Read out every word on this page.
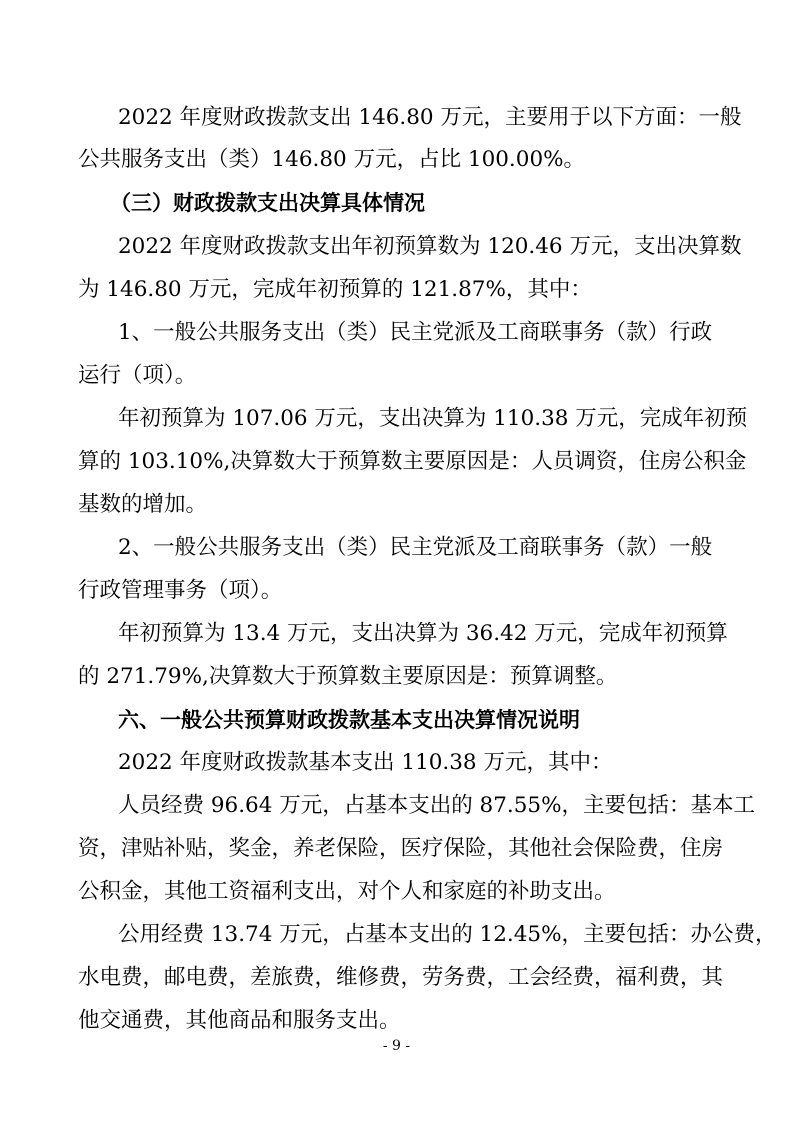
2022 年度财政拨款支出 146.80 万元，主要用于以下方面：一般
公共服务支出（类）146.80 万元，占比 100.00%。
（三）财政拨款支出决算具体情况
2022 年度财政拨款支出年初预算数为 120.46 万元，支出决算数
为 146.80 万元，完成年初预算的 121.87%，其中：
1、一般公共服务支出（类）民主党派及工商联事务（款）行政
运行（项）。
年初预算为 107.06 万元，支出决算为 110.38 万元，完成年初预
算的 103.10%,决算数大于预算数主要原因是：人员调资，住房公积金
基数的增加。
2、一般公共服务支出（类）民主党派及工商联事务（款）一般
行政管理事务（项）。
年初预算为 13.4 万元，支出决算为 36.42 万元，完成年初预算
的 271.79%,决算数大于预算数主要原因是：预算调整。
六、一般公共预算财政拨款基本支出决算情况说明
2022 年度财政拨款基本支出 110.38 万元，其中：
人员经费 96.64 万元，占基本支出的 87.55%，主要包括：基本工
资，津贴补贴，奖金，养老保险，医疗保险，其他社会保险费，住房
公积金，其他工资福利支出，对个人和家庭的补助支出。
公用经费 13.74 万元，占基本支出的 12.45%，主要包括：办公费，
水电费，邮电费，差旅费，维修费，劳务费，工会经费，福利费，其
他交通费，其他商品和服务支出。
- 9 -
